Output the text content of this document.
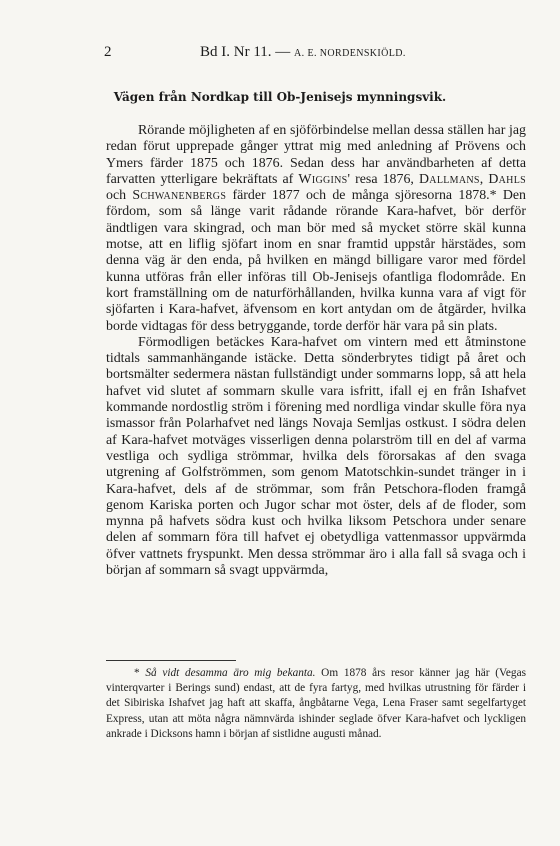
2	Bd I. Nr 11. — A. E. NORDENSKIÖLD.
Vägen från Nordkap till Ob-Jenisejs mynningsvik.

Rörande möjligheten af en sjöförbindelse mellan dessa ställen har jag redan förut upprepade gånger yttrat mig med anledning af Prövens och Ymers färder 1875 och 1876. Sedan dess har användbarheten af detta farvatten ytterligare bekräftats af Wiggins' resa 1876, Dallmans, Dahls och Schwanenbergs färder 1877 och de många sjöresorna 1878.* Den fördom, som så länge varit rådande rörande Kara-hafvet, bör derför ändtligen vara skingrad, och man bör med så mycket större skäl kunna motse, att en liflig sjöfart inom en snar framtid uppstår härstädes, som denna väg är den enda, på hvilken en mängd billigare varor med fördel kunna utföras från eller införas till Ob-Jenisejs ofantliga flodområde. En kort framställning om de naturförhållanden, hvilka kunna vara af vigt för sjöfarten i Kara-hafvet, äfvensom en kort antydan om de åtgärder, hvilka borde vidtagas för dess betryggande, torde derför här vara på sin plats.

Förmodligen betäckes Kara-hafvet om vintern med ett åtminstone tidtals sammanhängande istäcke. Detta sönderbrytes tidigt på året och bortsmälter sedermera nästan fullständigt under sommarns lopp, så att hela hafvet vid slutet af sommarn skulle vara isfritt, ifall ej en från Ishafvet kommande nordostlig ström i förening med nordliga vindar skulle föra nya ismassor från Polarhafvet ned längs Novaja Semljas ostkust. I södra delen af Kara-hafvet motväges visserligen denna polarström till en del af varma vestliga och sydliga strömmar, hvilka dels förorsakas af den svaga utgrening af Golfströmmen, som genom Matotschkin-sundet tränger in i Kara-hafvet, dels af de strömmar, som från Petschora-floden framgå genom Kariska porten och Jugor schar mot öster, dels af de floder, som mynna på hafvets södra kust och hvilka liksom Petschora under senare delen af sommarn föra till hafvet ej obetydliga vattenmassor uppvärmda öfver vattnets fryspunkt. Men dessa strömmar äro i alla fall så svaga och i början af sommarn så svagt uppvärmda,

* Så vidt desamma äro mig bekanta. Om 1878 års resor känner jag här (Vegas vinterqvarter i Berings sund) endast, att de fyra fartyg, med hvilkas utrustning för färder i det Sibiriska Ishafvet jag haft att skaffa, ångbåtarne Vega, Lena Fraser samt segelfartyget Express, utan att möta några nämnvärda ishinder seglade öfver Kara-hafvet och lyckligen ankrade i Dicksons hamn i början af sistlidne augusti månad.
